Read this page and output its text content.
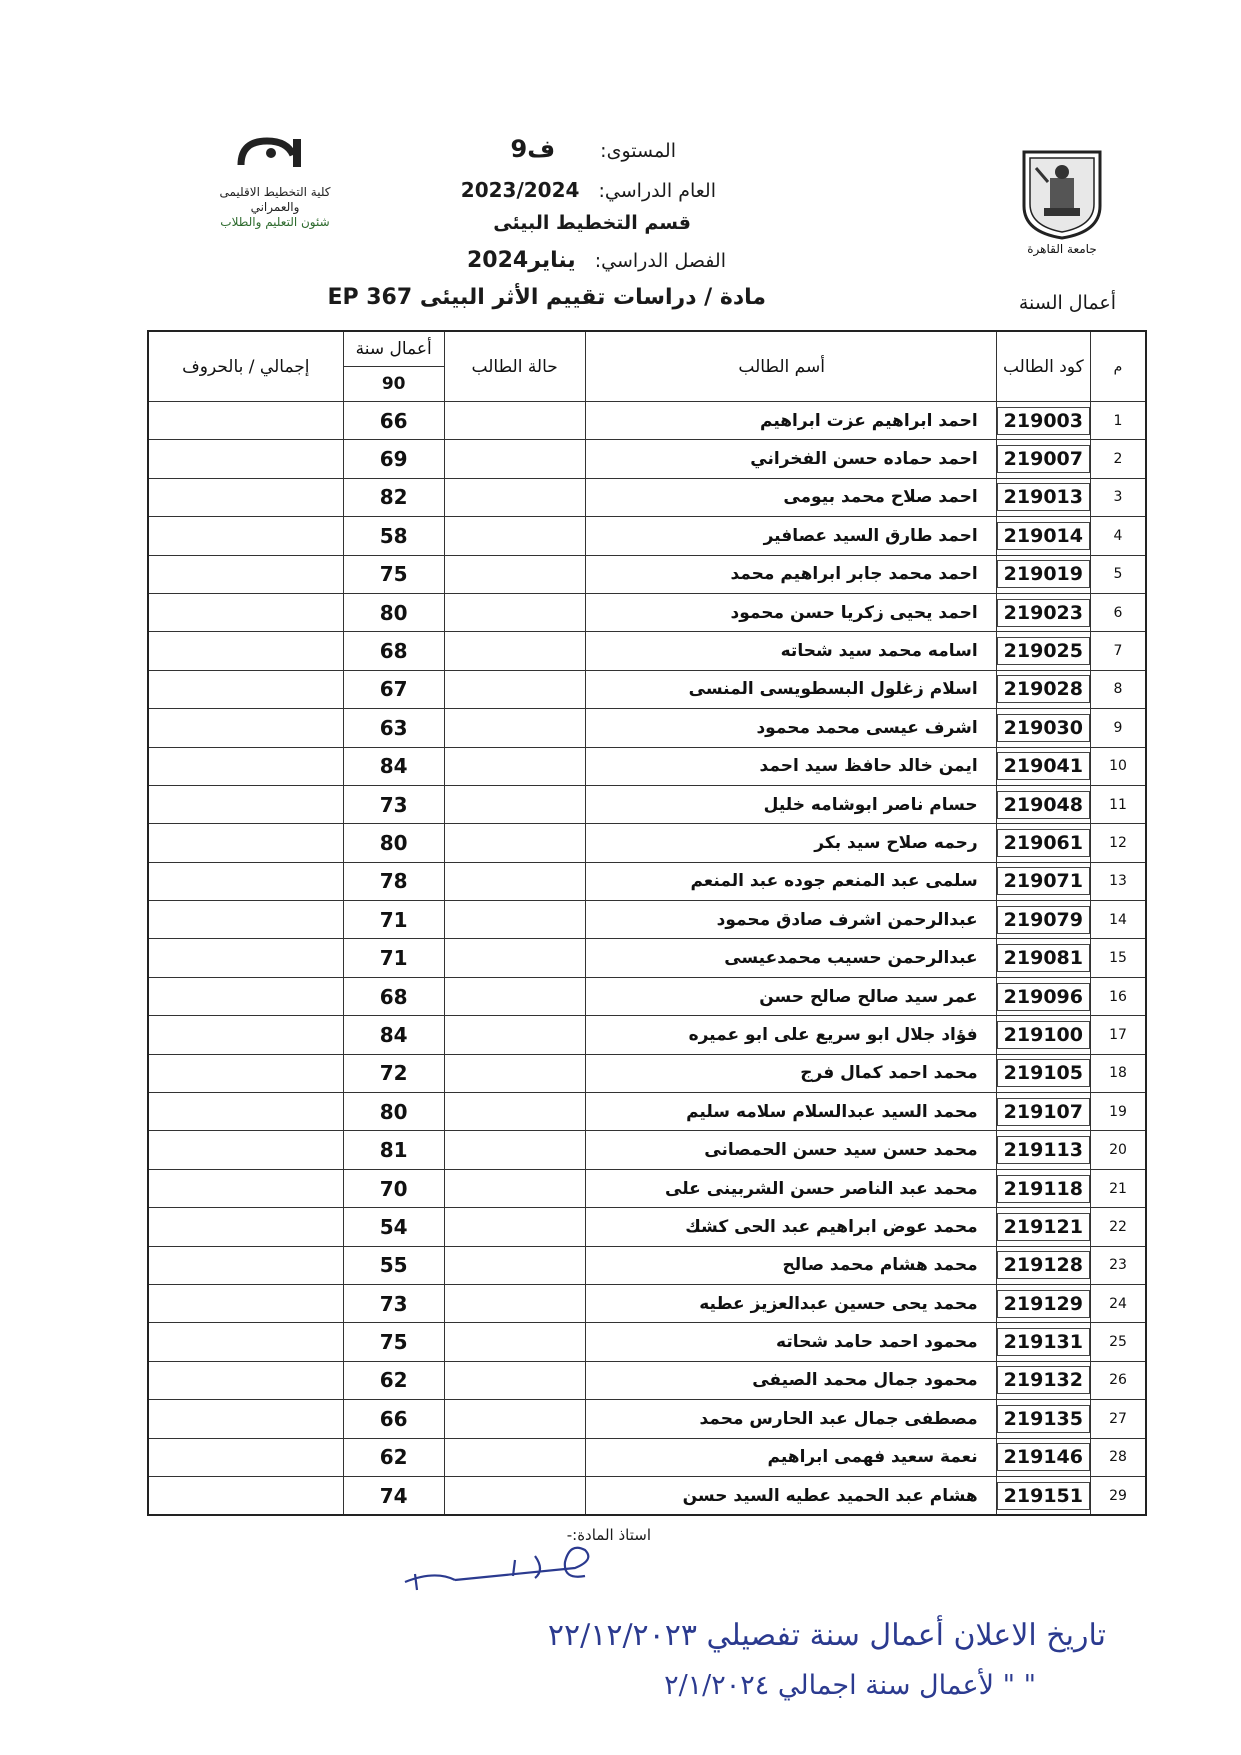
جامعة القاهرة
كلية التخطيط الاقليمى
والعمراني
شئون التعليم والطلاب
المستوى: ف9
العام الدراسي: 2023/2024
قسم التخطيط البيئى
الفصل الدراسي: يناير2024
مادة / دراسات تقييم الأثر البيئى EP 367	أعمال السنة
م	كود الطالب	أسم الطالب	حالة الطالب	أعمال سنة	إجمالي / بالحروف
				90	
1	219003	احمد ابراهيم عزت ابراهيم		66	
2	219007	احمد حماده حسن الفخراني		69	
3	219013	احمد صلاح محمد بيومى		82	
4	219014	احمد طارق السيد عصافير		58	
5	219019	احمد محمد جابر ابراهيم محمد		75	
6	219023	احمد يحيى زكريا حسن محمود		80	
7	219025	اسامه محمد سيد شحاته		68	
8	219028	اسلام زغلول البسطويسى المنسى		67	
9	219030	اشرف عيسى محمد محمود		63	
10	219041	ايمن خالد حافظ سيد احمد		84	
11	219048	حسام ناصر ابوشامه خليل		73	
12	219061	رحمه صلاح سيد بكر		80	
13	219071	سلمى عبد المنعم جوده عبد المنعم		78	
14	219079	عبدالرحمن اشرف صادق محمود		71	
15	219081	عبدالرحمن حسيب محمدعيسى		71	
16	219096	عمر سيد صالح صالح حسن		68	
17	219100	فؤاد جلال ابو سريع على ابو عميره		84	
18	219105	محمد احمد كمال فرج		72	
19	219107	محمد السيد عبدالسلام سلامه سليم		80	
20	219113	محمد حسن سيد حسن الحمصانى		81	
21	219118	محمد عبد الناصر حسن الشربينى على		70	
22	219121	محمد عوض ابراهيم عبد الحى كشك		54	
23	219128	محمد هشام محمد صالح		55	
24	219129	محمد يحى حسين عبدالعزيز عطيه		73	
25	219131	محمود احمد حامد شحاته		75	
26	219132	محمود جمال محمد الصيفى		62	
27	219135	مصطفى جمال عبد الحارس محمد		66	
28	219146	نعمة سعيد فهمى ابراهيم		62	
29	219151	هشام عبد الحميد عطيه السيد حسن		74	
استاذ المادة:-
تاريخ الاعلان أعمال سنة تفصيلي ٢٢/١٢/٢٠٢٣
" " لأعمال سنة اجمالي ٢/١/٢٠٢٤
